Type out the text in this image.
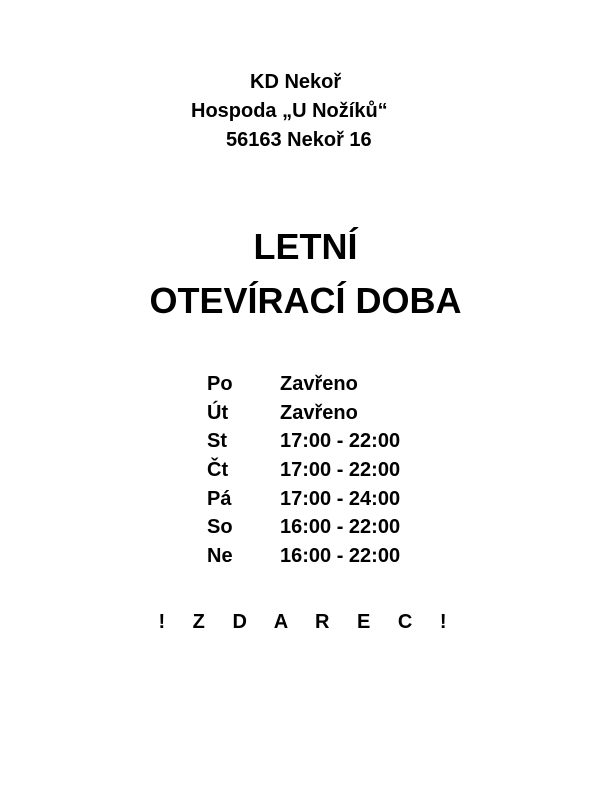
KD Nekoř
Hospoda „U Nožíků“
56163 Nekoř 16
LETNÍ
OTEVÍRACÍ DOBA
Po	Zavřeno
Út	Zavřeno
St	17:00 - 22:00
Čt	17:00 - 22:00
Pá	17:00 - 24:00
So	16:00 - 22:00
Ne	16:00 - 22:00
! Z D A R E C !
